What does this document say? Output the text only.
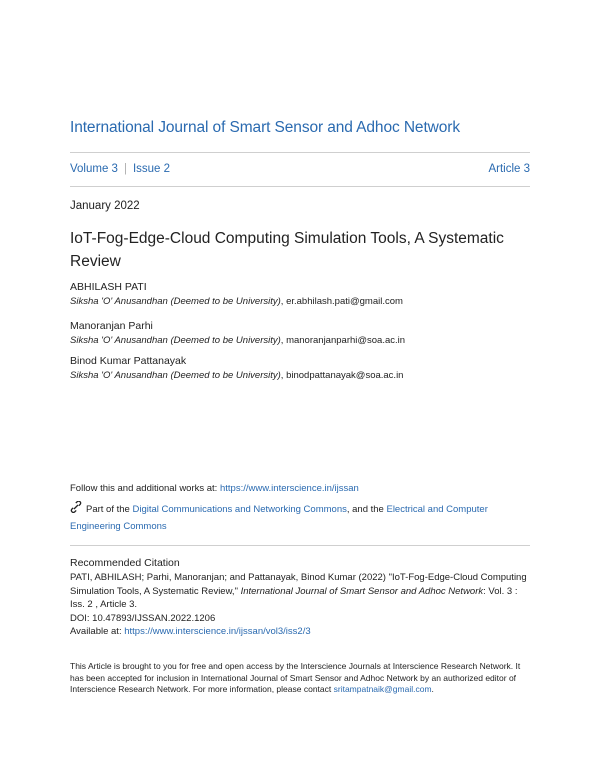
International Journal of Smart Sensor and Adhoc Network
Volume 3 | Issue 2	Article 3
January 2022
IoT-Fog-Edge-Cloud Computing Simulation Tools, A Systematic Review
ABHILASH PATI
Siksha 'O' Anusandhan (Deemed to be University), er.abhilash.pati@gmail.com
Manoranjan Parhi
Siksha 'O' Anusandhan (Deemed to be University), manoranjanparhi@soa.ac.in
Binod Kumar Pattanayak
Siksha 'O' Anusandhan (Deemed to be University), binodpattanayak@soa.ac.in
Follow this and additional works at: https://www.interscience.in/ijssan
Part of the Digital Communications and Networking Commons, and the Electrical and Computer Engineering Commons
Recommended Citation
PATI, ABHILASH; Parhi, Manoranjan; and Pattanayak, Binod Kumar (2022) "IoT-Fog-Edge-Cloud Computing Simulation Tools, A Systematic Review," International Journal of Smart Sensor and Adhoc Network: Vol. 3 : Iss. 2 , Article 3.
DOI: 10.47893/IJSSAN.2022.1206
Available at: https://www.interscience.in/ijssan/vol3/iss2/3
This Article is brought to you for free and open access by the Interscience Journals at Interscience Research Network. It has been accepted for inclusion in International Journal of Smart Sensor and Adhoc Network by an authorized editor of Interscience Research Network. For more information, please contact sritampatnaik@gmail.com.
